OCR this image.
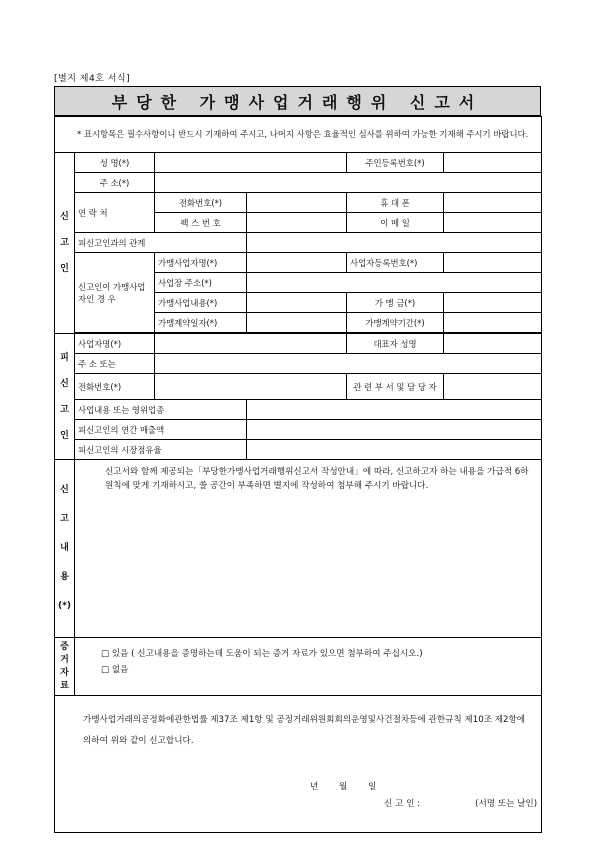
[별지 제4호 서식]
부당한 가맹사업거래행위 신고서
* 표시항목은 필수사항이니 반드시 기재하여 주시고, 나머지 사항은 효율적인 심사를 위하여 가능한 기재해 주시기 바랍니다.					
신 고 인	성 명(*)			주민등록번호(*)	
	주 소(*)				
	연 락 처	전화번호(*)		휴 대 폰	
		팩 스 번 호		이 메 일	
	피신고인과의 관계				
	신고인이 가맹사업자인 경 우	가맹사업자명(*)		사업자등록번호(*)	
		사업장 주소(*)			
		가맹사업내용(*)		가 맹 금(*)	
		가맹계약일자(*)		가맹계약기간(*)	

피 신 고 인	사업자명(*)			대표자 성명	
	주 소 또는				
	전화번호(*)			관 련 부 서 및 담 당 자	
	사업내용 또는 영위업종				
	피신고인의 연간 매출액				
	피신고인의 시장점유율				
신 고 내 용 (*)	신고서와 함께 제공되는「부당한가맹사업거래행위신고서 작성안내」에 따라, 신고하고자 하는 내용을 가급적 6하 원칙에 맞게 기재하시고, 쓸 공간이 부족하면 별지에 작성하여 첨부해 주시기 바랍니다.				
증 거 자 료	□ 있음 ( 신고내용을 증명하는데 도움이 되는 증거 자료가 있으면 첨부하여 주십시오.)
□ 없음				

가맹사업거래의공정화에관한법률 제37조 제1항 및 공정거래위원회회의운영및사건절차등에 관한규칙 제10조 제2항에 의하여 위와 같이 신고합니다.
년 월 일
신 고 인 : (서명 또는 날인)					
